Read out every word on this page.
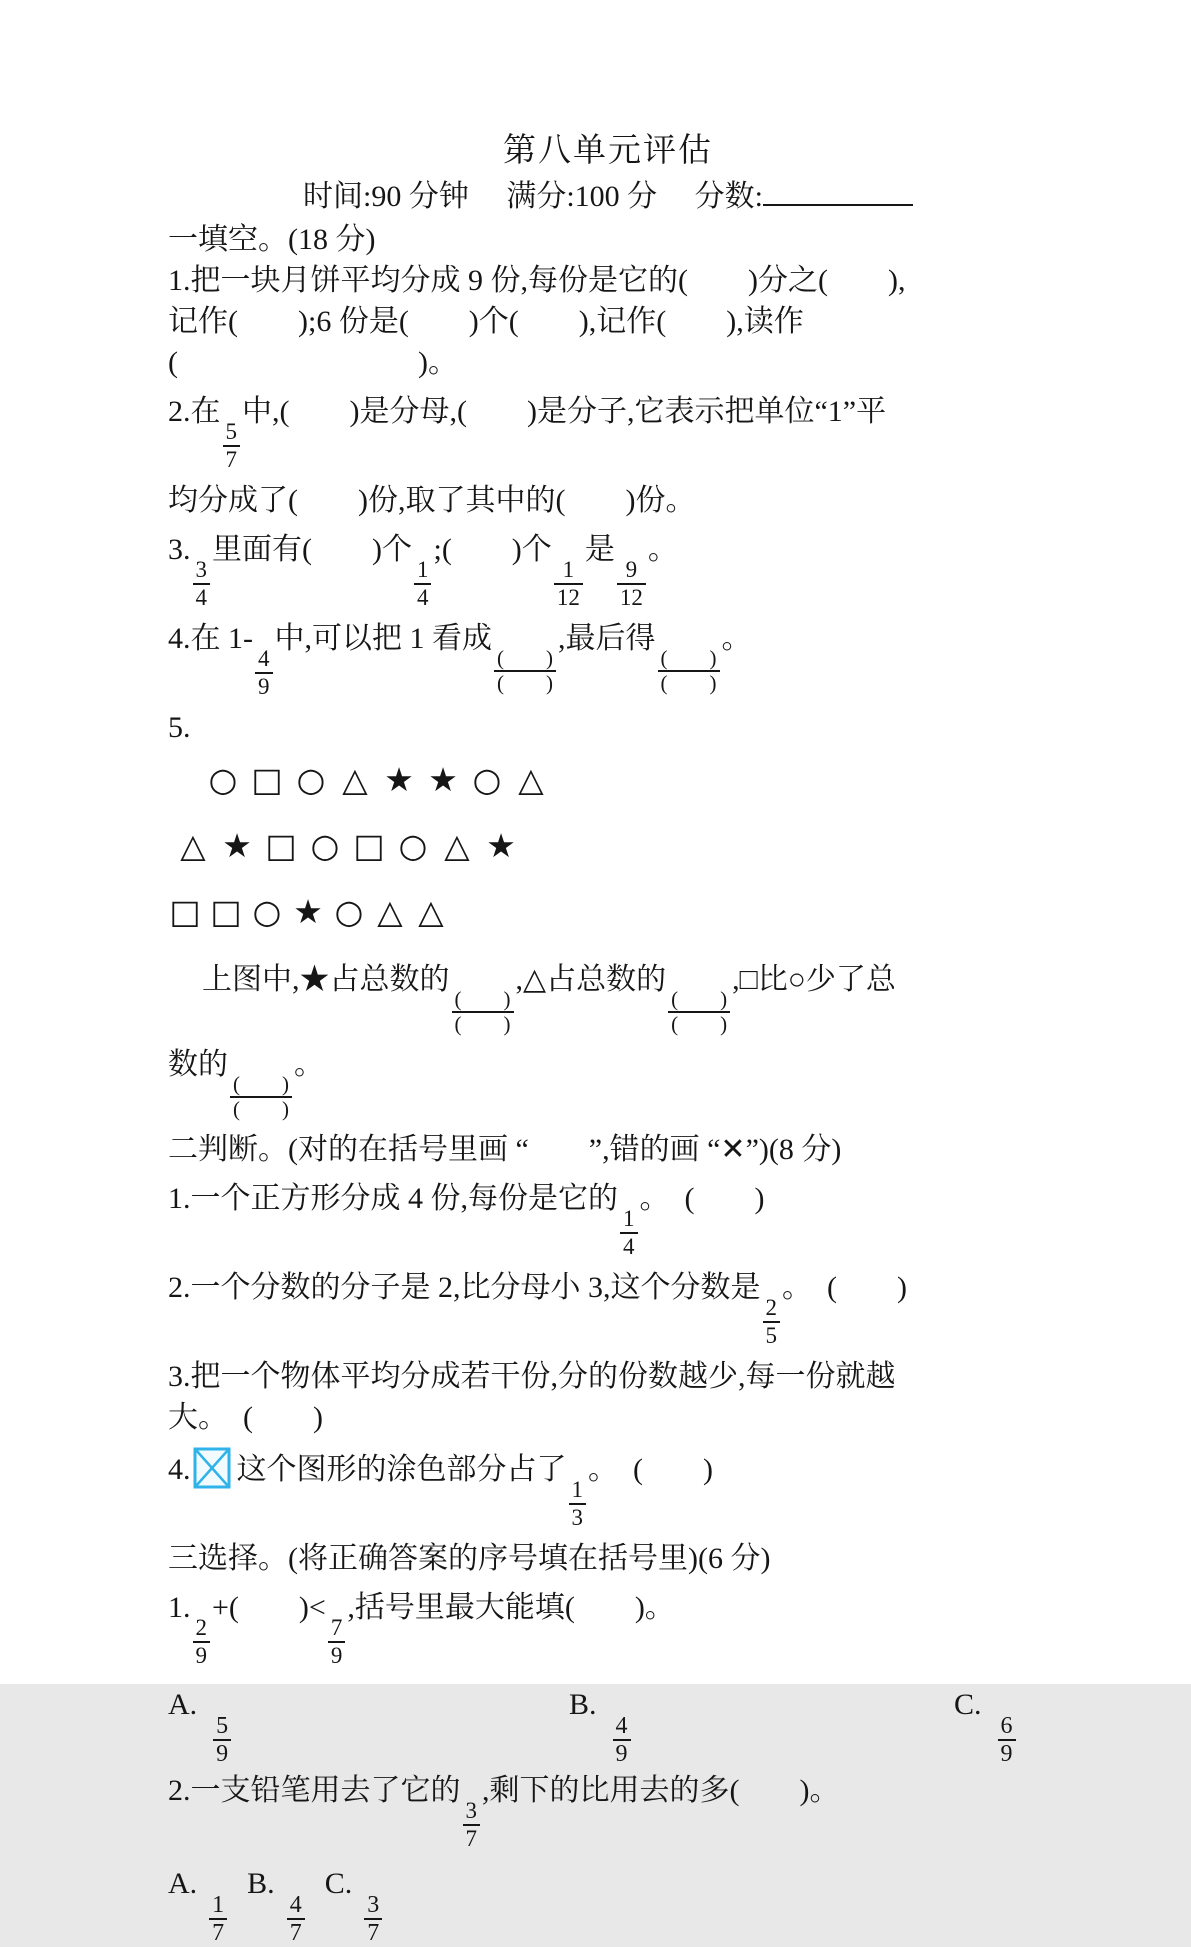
第八单元评估
时间:90 分钟　 满分:100 分　 分数:
一填空。(18 分)
1.把一块月饼平均分成 9 份,每份是它的(　　)分之(　　),
记作(　　);6 份是(　　)个(　　),记作(　　),读作
(　　　　　　　　)。
2.在
$\frac{5}{7}$
中,(　　)是分母,(　　)是分子,它表示把单位“1”平
均分成了(　　)份,取了其中的(　　)份。
3.
$\frac{3}{4}$
里面有(　　)个
$\frac{1}{4}$
;(　　)个
$\frac{1}{12}$
是
$\frac{9}{12}$
。
4.在 1-
$\frac{4}{9}$
中,可以把 1 看成
(　　)
(　　)
,最后得
(　　)
(　　)
。
5.
○ □ ○ △ ★ ★ ○ △
△ ★ □ ○ □ ○ △ ★
□ □ ○ ★ ○ △ △
上图中,★占总数的
(　　)
(　　)
,△占总数的
(　　)
(　　)
,□比○少了总
数的
(　　)
(　　)
。
二判断。(对的在括号里画 “　　”,错的画 “✕”)(8 分)
1.一个正方形分成 4 份,每份是它的
$\frac{1}{4}$
。　(　　)
2.一个分数的分子是 2,比分母小 3,这个分数是
$\frac{2}{5}$
。　(　　)
3.把一个物体平均分成若干份,分的份数越少,每一份就越
大。　(　　)
4. 这个图形的涂色部分占了
$\frac{1}{3}$
。　(　　)
三选择。(将正确答案的序号填在括号里)(6 分)
1.
$\frac{2}{9}$
+(　　)<
$\frac{7}{9}$
,括号里最大能填(　　)。
A.
$\frac{5}{9}$
B.
$\frac{4}{9}$
C.
$\frac{6}{9}$
2.一支铅笔用去了它的
$\frac{3}{7}$
,剩下的比用去的多(　　)。
A.
$\frac{1}{7}$
B.
$\frac{4}{7}$
C.
$\frac{3}{7}$
